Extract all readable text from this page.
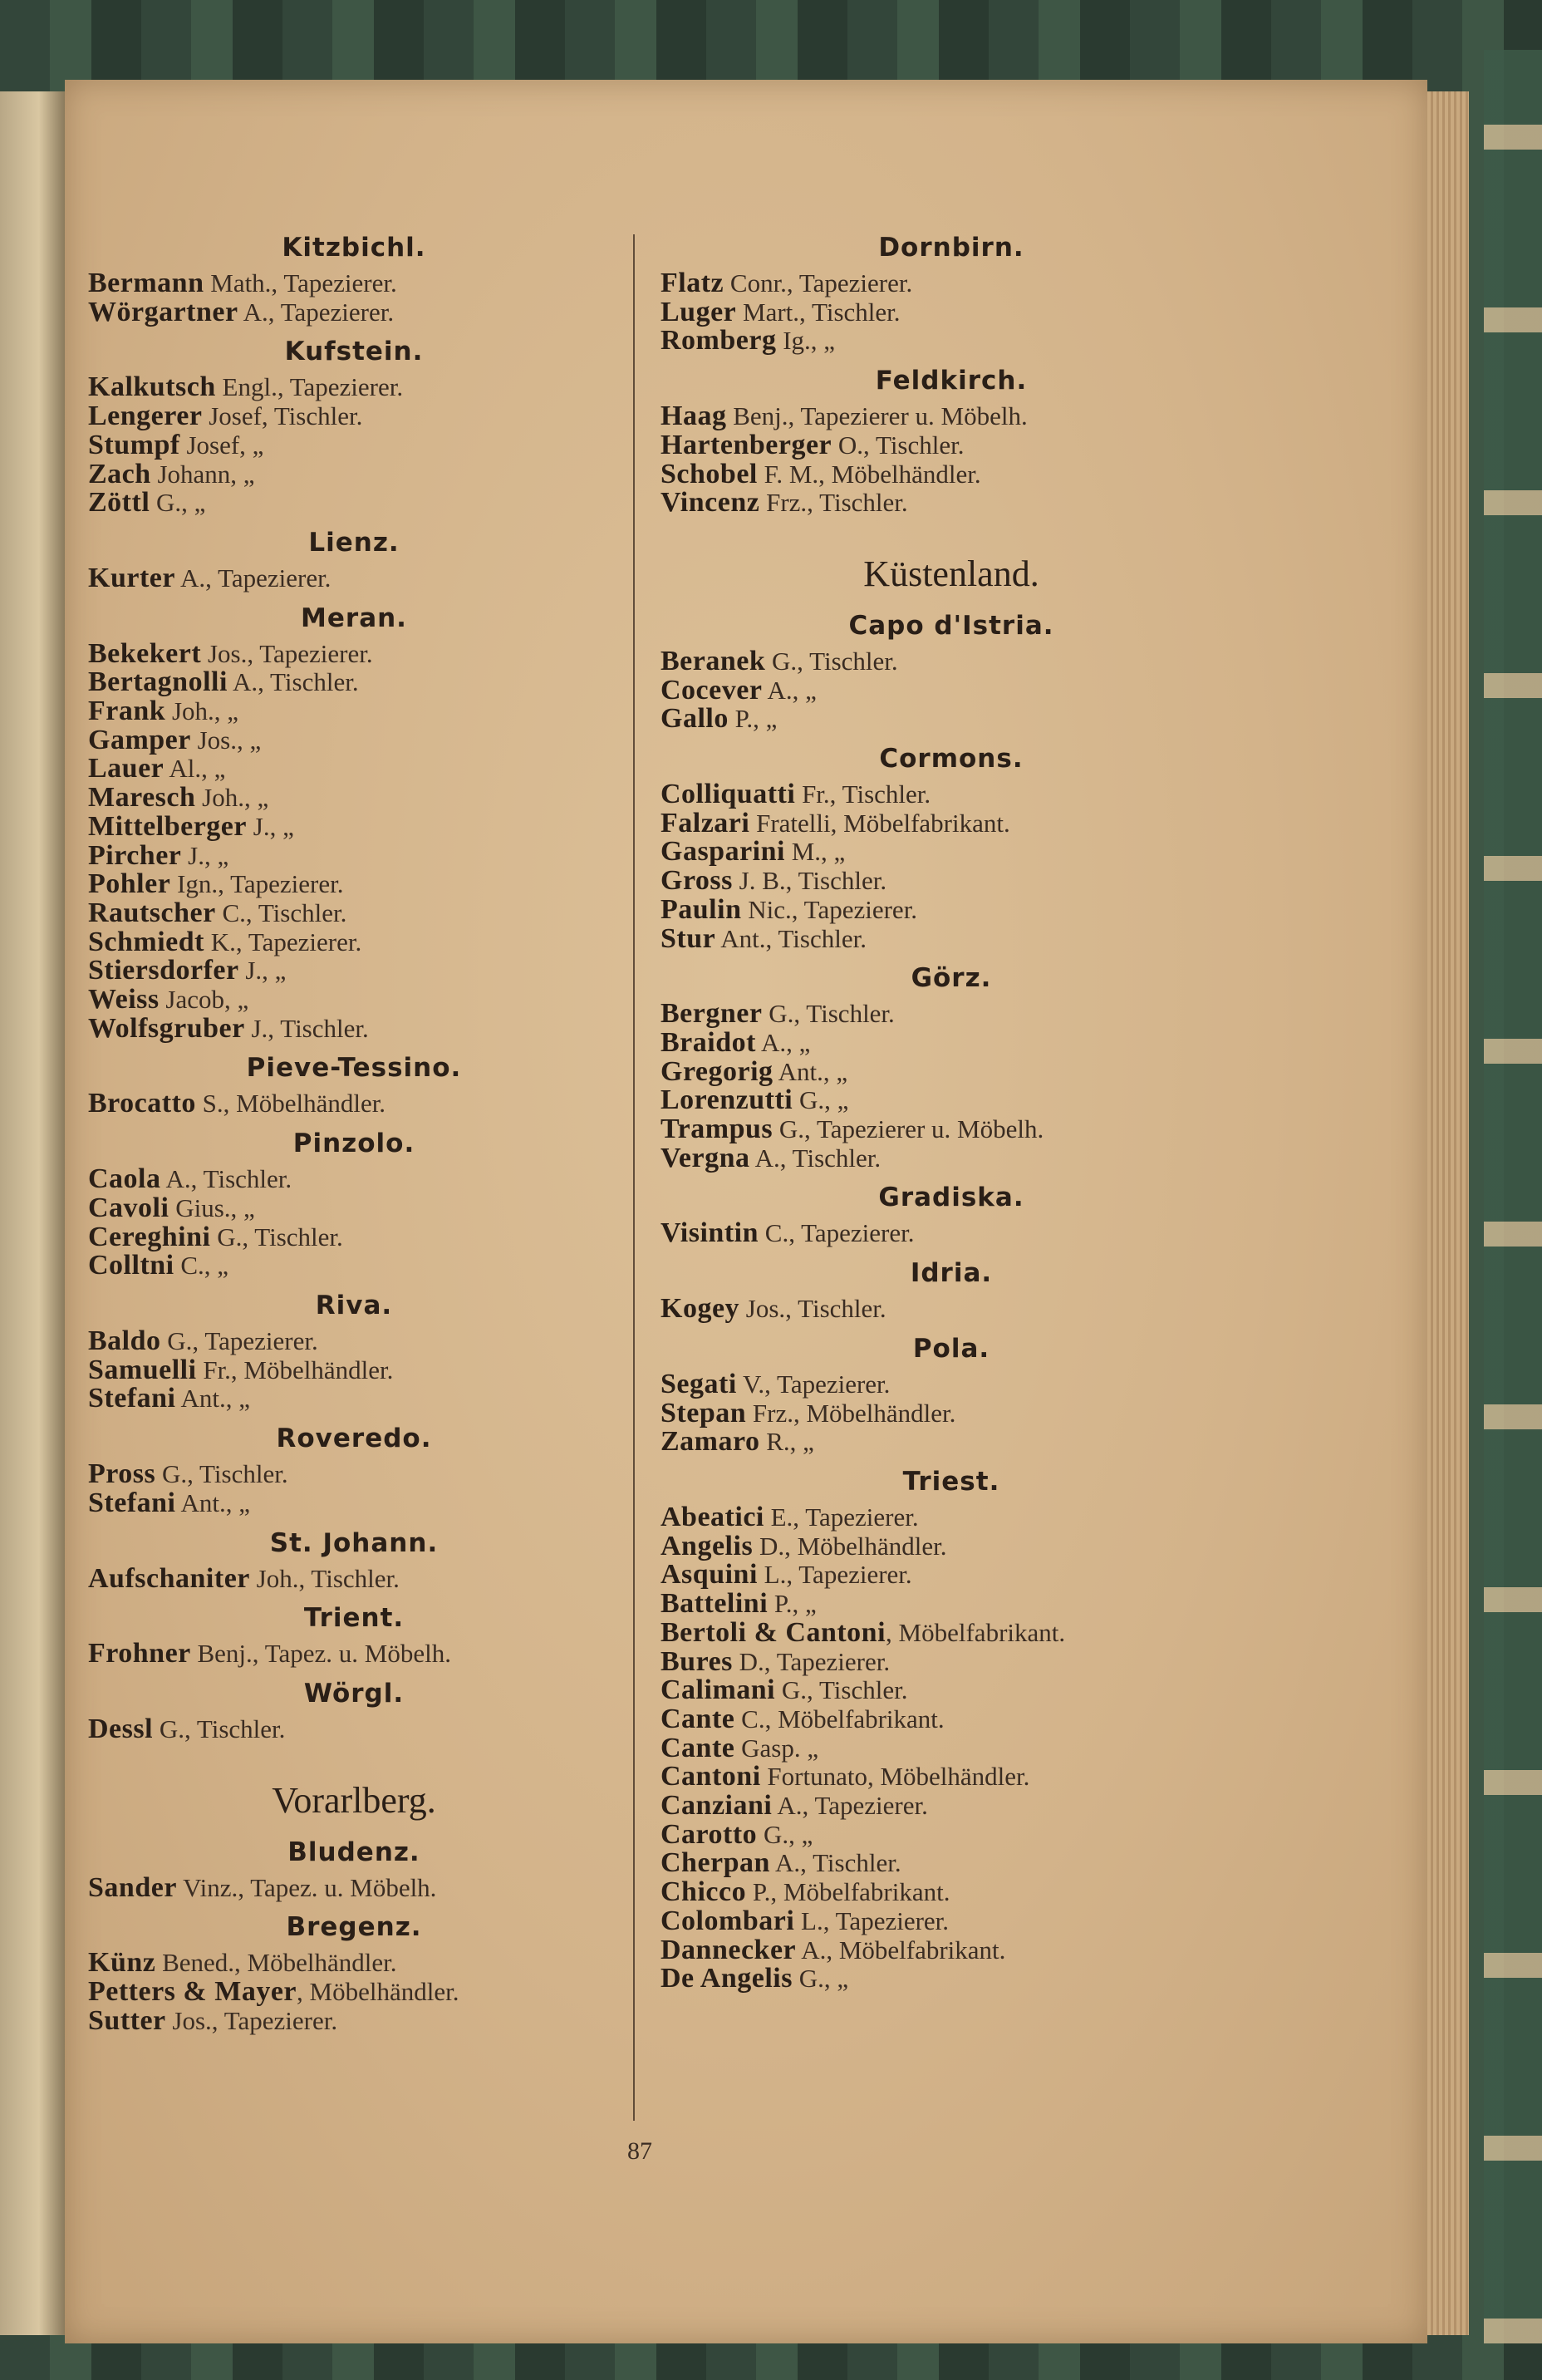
Kitzbichl.
Bermann Math., Tapezierer.
Wörgartner A., Tapezierer.
Kufstein.
Kalkutsch Engl., Tapezierer.
Lengerer Josef, Tischler.
Stumpf Josef, „
Zach Johann, „
Zöttl G., „
Lienz.
Kurter A., Tapezierer.
Meran.
Bekekert Jos., Tapezierer.
Bertagnolli A., Tischler.
Frank Joh., „
Gamper Jos., „
Lauer Al., „
Maresch Joh., „
Mittelberger J., „
Pircher J., „
Pohler Ign., Tapezierer.
Rautscher C., Tischler.
Schmiedt K., Tapezierer.
Stiersdorfer J., „
Weiss Jacob, „
Wolfsgruber J., Tischler.
Pieve-Tessino.
Brocatto S., Möbelhändler.
Pinzolo.
Caola A., Tischler.
Cavoli Gius., „
Cereghini G., Tischler.
Colltni C., „
Riva.
Baldo G., Tapezierer.
Samuelli Fr., Möbelhändler.
Stefani Ant., „
Roveredo.
Pross G., Tischler.
Stefani Ant., „
St. Johann.
Aufschaniter Joh., Tischler.
Trient.
Frohner Benj., Tapez. u. Möbelh.
Wörgl.
Dessl G., Tischler.
Vorarlberg.
Bludenz.
Sander Vinz., Tapez. u. Möbelh.
Bregenz.
Künz Bened., Möbelhändler.
Petters & Mayer, Möbelhändler.
Sutter Jos., Tapezierer.
Dornbirn.
Flatz Conr., Tapezierer.
Luger Mart., Tischler.
Romberg Ig., „
Feldkirch.
Haag Benj., Tapezierer u. Möbelh.
Hartenberger O., Tischler.
Schobel F. M., Möbelhändler.
Vincenz Frz., Tischler.
Küstenland.
Capo d'Istria.
Beranek G., Tischler.
Cocever A., „
Gallo P., „
Cormons.
Colliquatti Fr., Tischler.
Falzari Fratelli, Möbelfabrikant.
Gasparini M., „
Gross J. B., Tischler.
Paulin Nic., Tapezierer.
Stur Ant., Tischler.
Görz.
Bergner G., Tischler.
Braidot A., „
Gregorig Ant., „
Lorenzutti G., „
Trampus G., Tapezierer u. Möbelh.
Vergna A., Tischler.
Gradiska.
Visintin C., Tapezierer.
Idria.
Kogey Jos., Tischler.
Pola.
Segati V., Tapezierer.
Stepan Frz., Möbelhändler.
Zamaro R., „
Triest.
Abeatici E., Tapezierer.
Angelis D., Möbelhändler.
Asquini L., Tapezierer.
Battelini P., „
Bertoli & Cantoni, Möbelfabrikant.
Bures D., Tapezierer.
Calimani G., Tischler.
Cante C., Möbelfabrikant.
Cante Gasp. „
Cantoni Fortunato, Möbelhändler.
Canziani A., Tapezierer.
Carotto G., „
Cherpan A., Tischler.
Chicco P., Möbelfabrikant.
Colombari L., Tapezierer.
Dannecker A., Möbelfabrikant.
De Angelis G., „
87
